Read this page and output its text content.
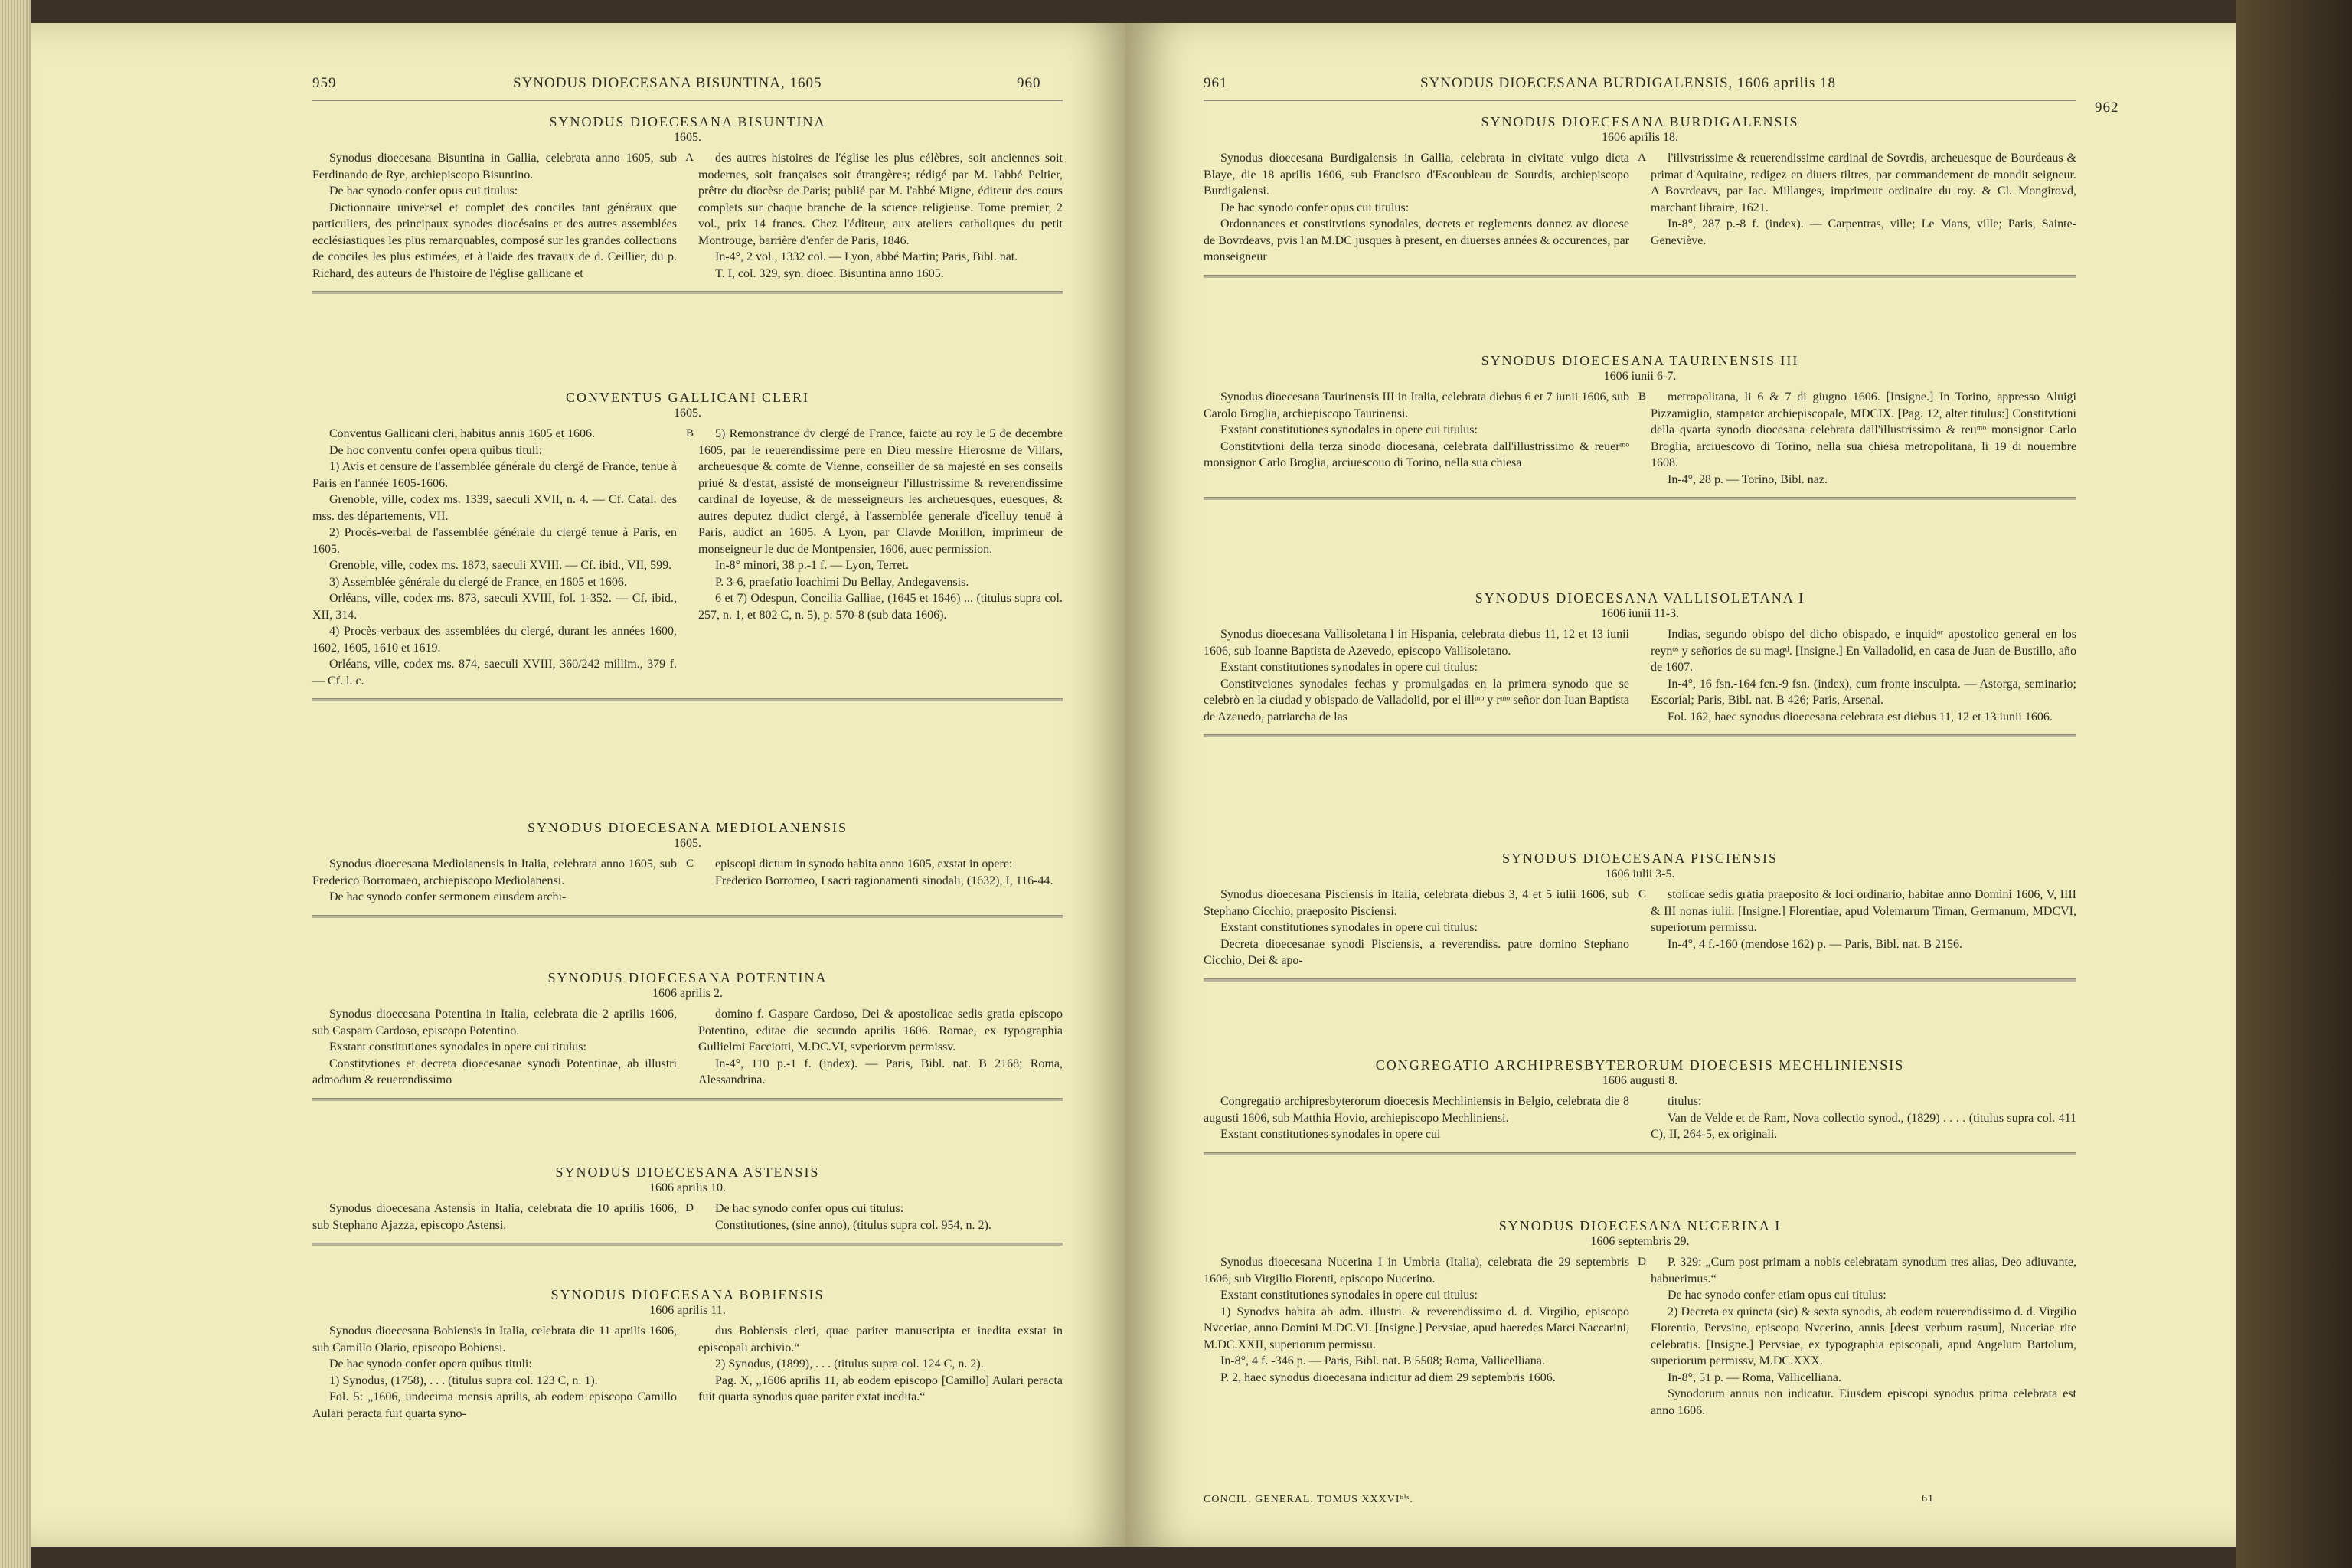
959	SYNODUS DIOECESANA BISUNTINA, 1605	960

SYNODUS DIOECESANA BISUNTINA

1605.

Synodus dioecesana Bisuntina in Gallia, celebrata anno 1605, sub Ferdinando de Rye, archiepiscopo Bisuntino.

De hac synodo confer opus cui titulus:

Dictionnaire universel et complet des conciles tant généraux que particuliers, des principaux synodes diocésains et des autres assemblées ecclésiastiques les plus remarquables, composé sur les grandes collections de conciles les plus estimées, et à l'aide des travaux de d. Ceillier, du p. Richard, des auteurs de l'histoire de l'église gallicane et

A	des autres histoires de l'église les plus célèbres, soit anciennes soit modernes, soit françaises soit étrangères; rédigé par M. l'abbé Peltier, prêtre du diocèse de Paris; publié par M. l'abbé Migne, éditeur des cours complets sur chaque branche de la science religieuse. Tome premier, 2 vol., prix 14 francs. Chez l'éditeur, aux ateliers catholiques du petit Montrouge, barrière d'enfer de Paris, 1846.

In-4°, 2 vol., 1332 col. — Lyon, abbé Martin; Paris, Bibl. nat.

T. I, col. 329, syn. dioec. Bisuntina anno 1605.

CONVENTUS GALLICANI CLERI

1605.

Conventus Gallicani cleri, habitus annis 1605 et 1606.

De hoc conventu confer opera quibus tituli:

1) Avis et censure de l'assemblée générale du clergé de France, tenue à Paris en l'année 1605-1606.

Grenoble, ville, codex ms. 1339, saeculi XVII, n. 4. — Cf. Catal. des mss. des départements, VII.

2) Procès-verbal de l'assemblée générale du clergé tenue à Paris, en 1605.

Grenoble, ville, codex ms. 1873, saeculi XVIII. — Cf. ibid., VII, 599.

3) Assemblée générale du clergé de France, en 1605 et 1606.

Orléans, ville, codex ms. 873, saeculi XVIII, fol. 1-352. — Cf. ibid., XII, 314.

4) Procès-verbaux des assemblées du clergé, durant les années 1600, 1602, 1605, 1610 et 1619.

Orléans, ville, codex ms. 874, saeculi XVIII, 360/242 millim., 379 f. — Cf. l. c.

B	5) Remonstrance dv clergé de France, faicte au roy le 5 de decembre 1605, par le reuerendissime pere en Dieu messire Hierosme de Villars, archeuesque & comte de Vienne, conseiller de sa majesté en ses conseils priué & d'estat, assisté de monseigneur l'illustrissime & reverendissime cardinal de Ioyeuse, & de messeigneurs les archeuesques, euesques, & autres deputez dudict clergé, à l'assemblée generale d'icelluy tenuë à Paris, audict an 1605. A Lyon, par Clavde Morillon, imprimeur de monseigneur le duc de Montpensier, 1606, auec permission.

In-8° minori, 38 p.-1 f. — Lyon, Terret.

P. 3-6, praefatio Ioachimi Du Bellay, Andegavensis.

6 et 7) Odespun, Concilia Galliae, (1645 et 1646) ... (titulus supra col. 257, n. 1, et 802 C, n. 5), p. 570-8 (sub data 1606).

SYNODUS DIOECESANA MEDIOLANENSIS

1605.

Synodus dioecesana Mediolanensis in Italia, celebrata anno 1605, sub Frederico Borromaeo, archiepiscopo Mediolanensi.

De hac synodo confer sermonem eiusdem archi-

C	episcopi dictum in synodo habita anno 1605, exstat in opere:

Frederico Borromeo, I sacri ragionamenti sinodali, (1632), I, 116-44.

SYNODUS DIOECESANA POTENTINA

1606 aprilis 2.

Synodus dioecesana Potentina in Italia, celebrata die 2 aprilis 1606, sub Casparo Cardoso, episcopo Potentino.

Exstant constitutiones synodales in opere cui titulus:

Constitvtiones et decreta dioecesanae synodi Potentinae, ab illustri admodum & reuerendissimo

domino f. Gaspare Cardoso, Dei & apostolicae sedis gratia episcopo Potentino, editae die secundo aprilis 1606. Romae, ex typographia Gullielmi Facciotti, M.DC.VI, svperiorvm permissv.

In-4°, 110 p.-1 f. (index). — Paris, Bibl. nat. B 2168; Roma, Alessandrina.

SYNODUS DIOECESANA ASTENSIS

1606 aprilis 10.

Synodus dioecesana Astensis in Italia, celebrata die 10 aprilis 1606, sub Stephano Ajazza, episcopo Astensi.

D	De hac synodo confer opus cui titulus:

Constitutiones, (sine anno), (titulus supra col. 954, n. 2).

SYNODUS DIOECESANA BOBIENSIS

1606 aprilis 11.

Synodus dioecesana Bobiensis in Italia, celebrata die 11 aprilis 1606, sub Camillo Olario, episcopo Bobiensi.

De hac synodo confer opera quibus tituli:

1) Synodus, (1758), . . . (titulus supra col. 123 C, n. 1).

Fol. 5: „1606, undecima mensis aprilis, ab eodem episcopo Camillo Aulari peracta fuit quarta syno-

dus Bobiensis cleri, quae pariter manuscripta et inedita exstat in episcopali archivio.“

2) Synodus, (1899), . . . (titulus supra col. 124 C, n. 2).

Pag. X, „1606 aprilis 11, ab eodem episcopo [Camillo] Aulari peracta fuit quarta synodus quae pariter extat inedita.“

961	SYNODUS DIOECESANA BURDIGALENSIS, 1606 aprilis 18
962

SYNODUS DIOECESANA BURDIGALENSIS

1606 aprilis 18.

Synodus dioecesana Burdigalensis in Gallia, celebrata in civitate vulgo dicta Blaye, die 18 aprilis 1606, sub Francisco d'Escoubleau de Sourdis, archiepiscopo Burdigalensi.

De hac synodo confer opus cui titulus:

Ordonnances et constitvtions synodales, decrets et reglements donnez av diocese de Bovrdeavs, pvis l'an M.DC jusques à present, en diuerses années & occurences, par monseigneur

A	l'illvstrissime & reuerendissime cardinal de Sovrdis, archeuesque de Bourdeaus & primat d'Aquitaine, redigez en diuers tiltres, par commandement de mondit seigneur. A Bovrdeavs, par Iac. Millanges, imprimeur ordinaire du roy. & Cl. Mongirovd, marchant libraire, 1621.

In-8°, 287 p.-8 f. (index). — Carpentras, ville; Le Mans, ville; Paris, Sainte-Geneviève.

SYNODUS DIOECESANA TAURINENSIS III

1606 iunii 6-7.

Synodus dioecesana Taurinensis III in Italia, celebrata diebus 6 et 7 iunii 1606, sub Carolo Broglia, archiepiscopo Taurinensi.

Exstant constitutiones synodales in opere cui titulus:

Constitvtioni della terza sinodo diocesana, celebrata dall'illustrissimo & reuerᵐᵒ monsignor Carlo Broglia, arciuescouo di Torino, nella sua chiesa

B	metropolitana, li 6 & 7 di giugno 1606. [Insigne.] In Torino, appresso Aluigi Pizzamiglio, stampator archiepiscopale, MDCIX. [Pag. 12, alter titulus:] Constitvtioni della qvarta synodo diocesana celebrata dall'illustrissimo & reuᵐᵒ monsignor Carlo Broglia, arciuescovo di Torino, nella sua chiesa metropolitana, li 19 di nouembre 1608.

In-4°, 28 p. — Torino, Bibl. naz.

SYNODUS DIOECESANA VALLISOLETANA I

1606 iunii 11-3.

Synodus dioecesana Vallisoletana I in Hispania, celebrata diebus 11, 12 et 13 iunii 1606, sub Ioanne Baptista de Azevedo, episcopo Vallisoletano.

Exstant constitutiones synodales in opere cui titulus:

Constitvciones synodales fechas y promulgadas en la primera synodo que se celebrò en la ciudad y obispado de Valladolid, por el illᵐᵒ y rᵐᵒ señor don Iuan Baptista de Azeuedo, patriarcha de las

Indias, segundo obispo del dicho obispado, e inquidᵒʳ apostolico general en los reynᵒˢ y señorios de su magᵈ. [Insigne.] En Valladolid, en casa de Juan de Bustillo, año de 1607.

In-4°, 16 fsn.-164 fcn.-9 fsn. (index), cum fronte insculpta. — Astorga, seminario; Escorial; Paris, Bibl. nat. B 426; Paris, Arsenal.

Fol. 162, haec synodus dioecesana celebrata est diebus 11, 12 et 13 iunii 1606.

SYNODUS DIOECESANA PISCIENSIS

1606 iulii 3-5.

Synodus dioecesana Pisciensis in Italia, celebrata diebus 3, 4 et 5 iulii 1606, sub Stephano Cicchio, praeposito Pisciensi.

Exstant constitutiones synodales in opere cui titulus:

Decreta dioecesanae synodi Pisciensis, a reverendiss. patre domino Stephano Cicchio, Dei & apo-

C	stolicae sedis gratia praeposito & loci ordinario, habitae anno Domini 1606, V, IIII & III nonas iulii. [Insigne.] Florentiae, apud Volemarum Timan, Germanum, MDCVI, superiorum permissu.

In-4°, 4 f.-160 (mendose 162) p. — Paris, Bibl. nat. B 2156.

CONGREGATIO ARCHIPRESBYTERORUM DIOECESIS MECHLINIENSIS

1606 augusti 8.

Congregatio archipresbyterorum dioecesis Mechliniensis in Belgio, celebrata die 8 augusti 1606, sub Matthia Hovio, archiepiscopo Mechliniensi.

Exstant constitutiones synodales in opere cui

titulus:

Van de Velde et de Ram, Nova collectio synod., (1829) . . . . (titulus supra col. 411 C), II, 264-5, ex originali.

SYNODUS DIOECESANA NUCERINA I

1606 septembris 29.

Synodus dioecesana Nucerina I in Umbria (Italia), celebrata die 29 septembris 1606, sub Virgilio Fiorenti, episcopo Nucerino.

Exstant constitutiones synodales in opere cui titulus:

1) Synodvs habita ab adm. illustri. & reverendissimo d. d. Virgilio, episcopo Nvceriae, anno Domini M.DC.VI. [Insigne.] Pervsiae, apud haeredes Marci Naccarini, M.DC.XXII, superiorum permissu.

In-8°, 4 f. -346 p. — Paris, Bibl. nat. B 5508; Roma, Vallicelliana.

P. 2, haec synodus dioecesana indicitur ad diem 29 septembris 1606.

D	P. 329: „Cum post primam a nobis celebratam synodum tres alias, Deo adiuvante, habuerimus.“

De hac synodo confer etiam opus cui titulus:

2) Decreta ex quincta (sic) & sexta synodis, ab eodem reuerendissimo d. d. Virgilio Florentio, Pervsino, episcopo Nvcerino, annis [deest verbum rasum], Nuceriae rite celebratis. [Insigne.] Pervsiae, ex typographia episcopali, apud Angelum Bartolum, superiorum permissv, M.DC.XXX.

In-8°, 51 p. — Roma, Vallicelliana.

Synodorum annus non indicatur. Eiusdem episcopi synodus prima celebrata est anno 1606.

CONCIL. GENERAL. TOMUS XXXVIᵇⁱˢ.	61
